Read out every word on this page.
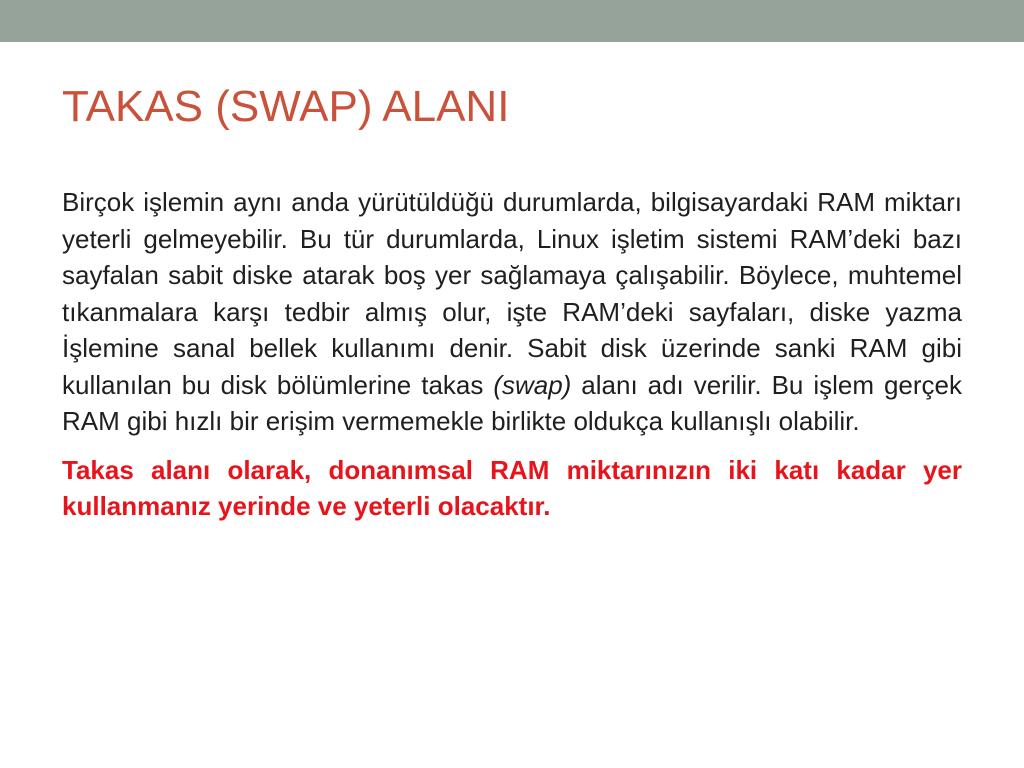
TAKAS (SWAP) ALANI

Birçok işlemin aynı anda yürütüldüğü durumlarda, bilgisayardaki RAM miktarı yeterli gelmeyebilir. Bu tür durumlarda, Linux işletim sistemi RAM’deki bazı sayfalan sabit diske atarak boş yer sağlamaya çalışabilir. Böylece, muhtemel tıkanmalara karşı tedbir almış olur, işte RAM’deki sayfaları, diske yazma İşlemine sanal bellek kullanımı denir. Sabit disk üzerinde sanki RAM gibi kullanılan bu disk bölümlerine takas (swap) alanı adı verilir. Bu işlem gerçek RAM gibi hızlı bir erişim vermemekle birlikte oldukça kullanışlı olabilir.

Takas alanı olarak, donanımsal RAM miktarınızın iki katı kadar yer kullanmanız yerinde ve yeterli olacaktır.
